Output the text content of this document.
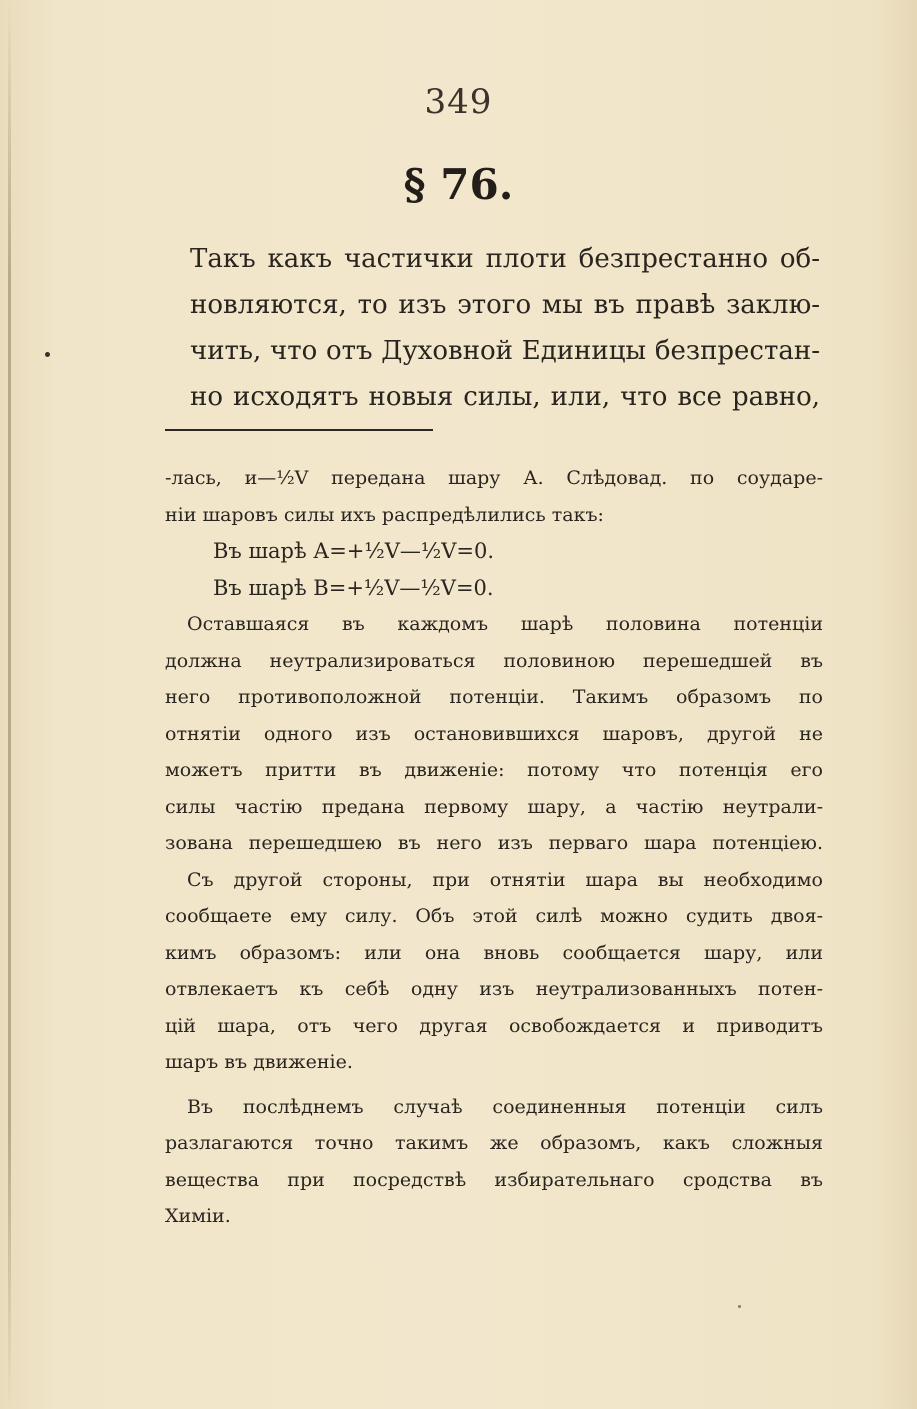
349
§ 76.
Такъ какъ частички плоти безпрестанно об-
новляются, то изъ этого мы въ правѣ заклю-
чить, что отъ Духовной Единицы безпрестан-
но исходятъ новыя силы, или, что все равно,
-лась, и—½V передана шару А. Слѣдовад. по соударе-
ніи шаровъ силы ихъ распредѣлились такъ:
Въ шарѣ А=+½V—½V=0.
Въ шарѣ В=+½V—½V=0.
Оставшаяся въ каждомъ шарѣ половина потенціи
должна неутрализироваться половиною перешедшей въ
него противоположной потенціи. Такимъ образомъ по
отнятіи одного изъ остановившихся шаровъ, другой не
можетъ притти въ движеніе: потому что потенція его
силы частію предана первому шару, а частію неутрали-
зована перешедшею въ него изъ перваго шара потенціею.
Съ другой стороны, при отнятіи шара вы необходимо
сообщаете ему силу. Объ этой силѣ можно судить двоя-
кимъ образомъ: или она вновь сообщается шару, или
отвлекаетъ къ себѣ одну изъ неутрализованныхъ потен-
цій шара, отъ чего другая освобождается и приводитъ
шаръ въ движеніе.
Въ послѣднемъ случаѣ соединенныя потенціи силъ
разлагаются точно такимъ же образомъ, какъ сложныя
вещества при посредствѣ избирательнаго сродства въ
Химіи.
